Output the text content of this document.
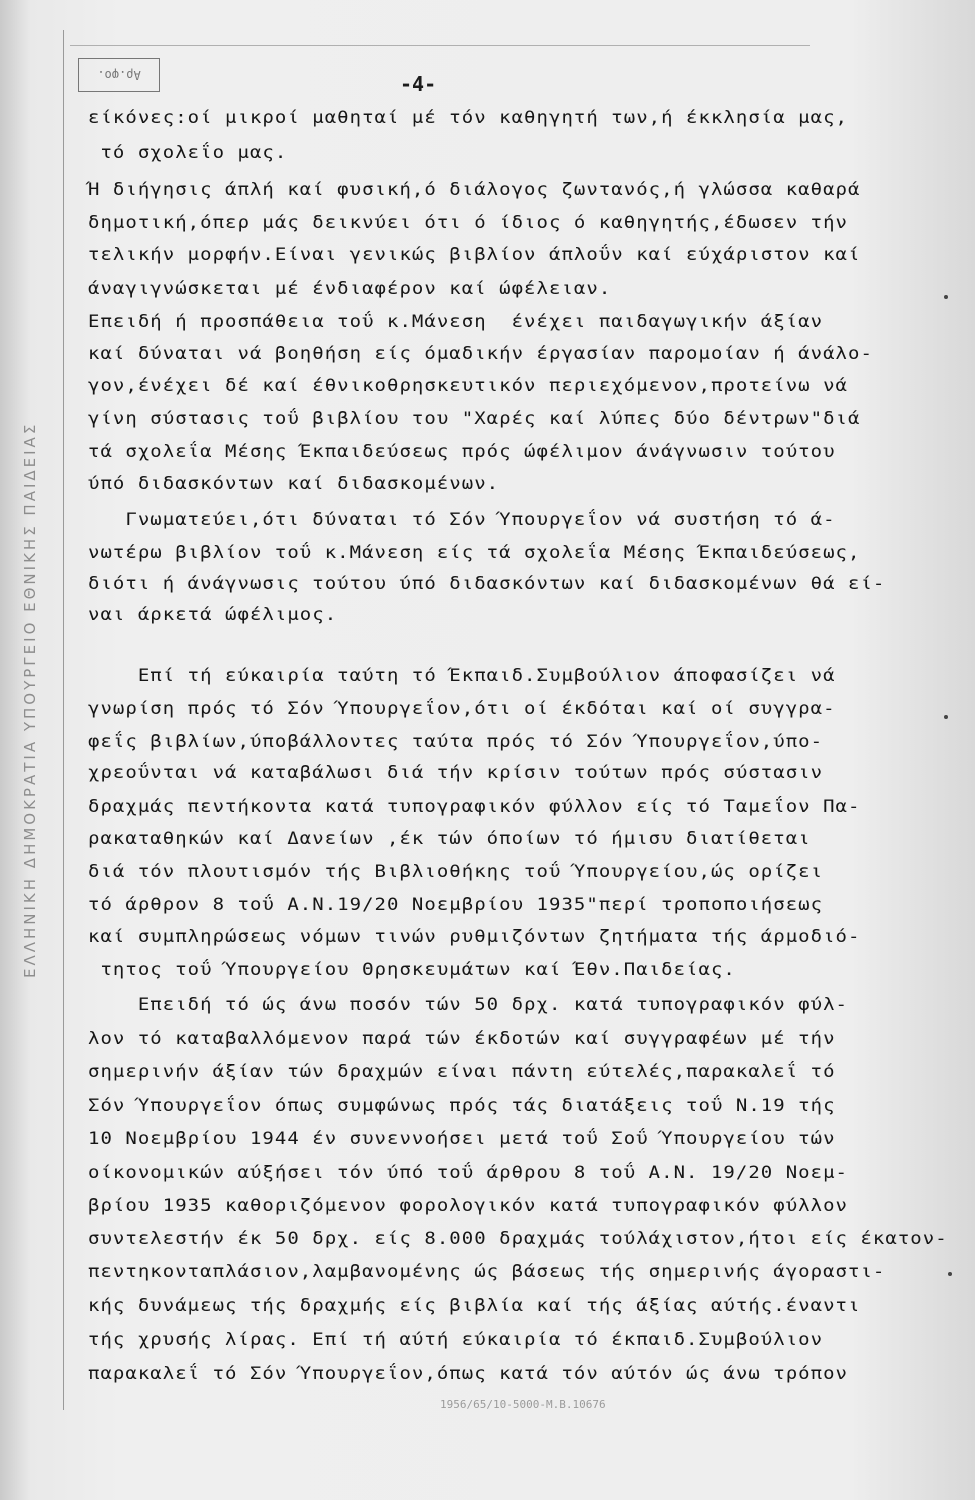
Αρ.φο.
ΕΛΛΗΝΙΚΗ ΔΗΜΟΚΡΑΤΙΑ ΥΠΟΥΡΓΕΙΟ ΕΘΝΙΚΗΣ ΠΑΙΔΕΙΑΣ
-4-
είκόνες:οί μικροί μαθηταί μέ τόν καθηγητή των,ή έκκλησία μας,
τό σχολεΐο μας.
Ή διήγησις άπλή καί φυσική,ό διάλογος ζωντανός,ή γλώσσα καθαρά
δημοτική,όπερ μάς δεικνύει ότι ό ίδιος ό καθηγητής,έδωσεν τήν
τελικήν μορφήν.Είναι γενικώς βιβλίον άπλοΰν καί εύχάριστον καί
άναγιγνώσκεται μέ ένδιαφέρον καί ώφέλειαν.
Επειδή ή προσπάθεια τοΰ κ.Μάνεση  ένέχει παιδαγωγικήν άξίαν
καί δύναται νά βοηθήση είς όμαδικήν έργασίαν παρομοίαν ή άνάλο-
γον,ένέχει δέ καί έθνικοθρησκευτικόν περιεχόμενον,προτείνω νά
γίνη σύστασις τοΰ βιβλίου του "Χαρές καί λύπες δύο δέντρων"διά
τά σχολεΐα Μέσης Έκπαιδεύσεως πρός ώφέλιμον άνάγνωσιν τούτου
ύπό διδασκόντων καί διδασκομένων.
Γνωματεύει,ότι δύναται τό Σόν Ύπουργεΐον νά συστήση τό ά-
νωτέρω βιβλίον τοΰ κ.Μάνεση είς τά σχολεΐα Μέσης Έκπαιδεύσεως,
διότι ή άνάγνωσις τούτου ύπό διδασκόντων καί διδασκομένων θά εί-
ναι άρκετά ώφέλιμος.
Επί τή εύκαιρία ταύτη τό Έκπαιδ.Συμβούλιον άποφασίζει νά
γνωρίση πρός τό Σόν Ύπουργεΐον,ότι οί έκδόται καί οί συγγρα-
φεΐς βιβλίων,ύποβάλλοντες ταύτα πρός τό Σόν Ύπουργεΐον,ύπο-
χρεοΰνται νά καταβάλωσι διά τήν κρίσιν τούτων πρός σύστασιν
δραχμάς πεντήκοντα κατά τυπογραφικόν φύλλον είς τό Ταμεΐον Πα-
ρακαταθηκών καί Δανείων ,έκ τών όποίων τό ήμισυ διατίθεται
διά τόν πλουτισμόν τής Βιβλιοθήκης τοΰ Ύπουργείου,ώς ορίζει
τό άρθρον 8 τοΰ Α.Ν.19/20 Νοεμβρίου 1935"περί τροποποιήσεως
καί συμπληρώσεως νόμων τινών ρυθμιζόντων ζητήματα τής άρμοδιό-
τητος τοΰ Ύπουργείου Θρησκευμάτων καί Έθν.Παιδείας.
Επειδή τό ώς άνω ποσόν τών 50 δρχ. κατά τυπογραφικόν φύλ-
λον τό καταβαλλόμενον παρά τών έκδοτών καί συγγραφέων μέ τήν
σημερινήν άξίαν τών δραχμών είναι πάντη εύτελές,παρακαλεΐ τό
Σόν Ύπουργεΐον όπως συμφώνως πρός τάς διατάξεις τοΰ Ν.19 τής
10 Νοεμβρίου 1944 έν συνεννοήσει μετά τοΰ Σοΰ Ύπουργείου τών
οίκονομικών αύξήσει τόν ύπό τοΰ άρθρου 8 τοΰ Α.Ν. 19/20 Νοεμ-
βρίου 1935 καθοριζόμενον φορολογικόν κατά τυπογραφικόν φύλλον
συντελεστήν έκ 50 δρχ. είς 8.000 δραχμάς τούλάχιστον,ήτοι είς έκατον-
πεντηκονταπλάσιον,λαμβανομένης ώς βάσεως τής σημερινής άγοραστι-
κής δυνάμεως τής δραχμής είς βιβλία καί τής άξίας αύτής.έναντι
τής χρυσής λίρας. Επί τή αύτή εύκαιρία τό έκπαιδ.Συμβούλιον
παρακαλεΐ τό Σόν Ύπουργεΐον,όπως κατά τόν αύτόν ώς άνω τρόπον
1956/65/10-5000-Μ.Β.10676
